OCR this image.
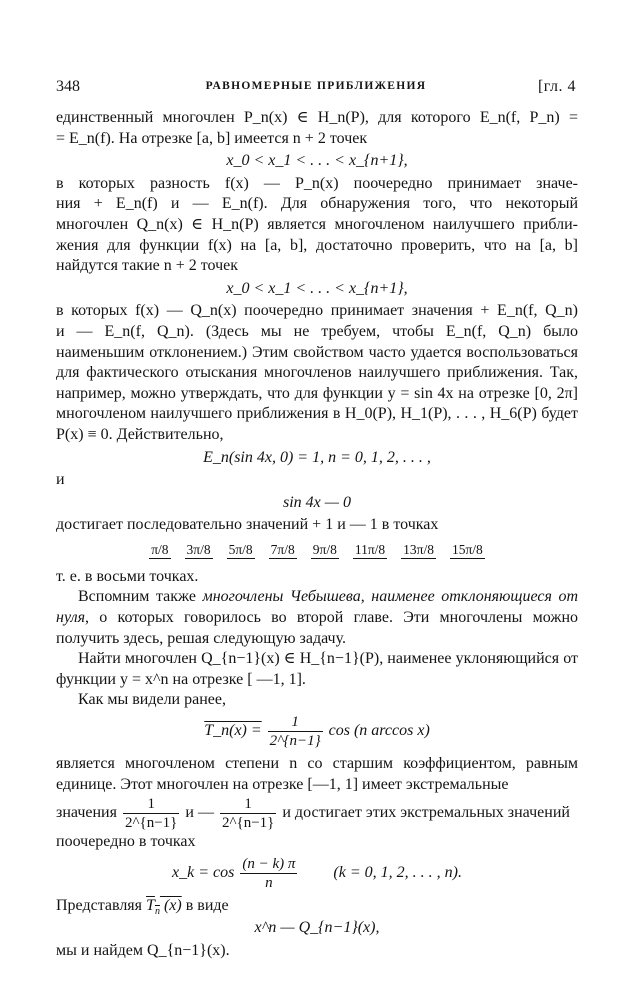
348	РАВНОМЕРНЫЕ ПРИБЛИЖЕНИЯ	[гл. 4

единственный многочлен P_n(x) ∈ H_n(P), для которого E_n(f, P_n) =
= E_n(f). На отрезке [a, b] имеется n + 2 точек

x_0 < x_1 < . . . < x_{n+1},

в которых разность f(x) — P_n(x) поочередно принимает значе-
ния + E_n(f) и — E_n(f). Для обнаружения того, что некоторый
многочлен Q_n(x) ∈ H_n(P) является многочленом наилучшего прибли-
жения для функции f(x) на [a, b], достаточно проверить, что на [a, b]
найдутся такие n + 2 точек

x_0 < x_1 < . . . < x_{n+1},

в которых f(x) — Q_n(x) поочередно принимает значения + E_n(f, Q_n)
и — E_n(f, Q_n). (Здесь мы не требуем, чтобы E_n(f, Q_n) было наименьшим отклонением.) Этим свойством часто удается воспользоваться для фактического отыскания многочленов наилучшего приближения. Так, например, можно утверждать, что для функции y = sin 4x на отрезке [0, 2π] многочленом наилучшего приближения в H_0(P), H_1(P), . . . , H_6(P) будет P(x) ≡ 0. Действительно,

E_n(sin 4x, 0) = 1, n = 0, 1, 2, . . . ,
и
sin 4x — 0

достигает последовательно значений + 1 и — 1 в точках

π/8 3π/8 5π/8 7π/8 9π/8 11π/8 13π/8 15π/8

т. е. в восьми точках.

Вспомним также многочлены Чебышева, наименее отклоняющиеся от нуля, о которых говорилось во второй главе. Эти многочлены можно получить здесь, решая следующую задачу.

Найти многочлен Q_{n−1}(x) ∈ H_{n−1}(P), наименее уклоняющийся от функции y = x^n на отрезке [ —1, 1].

Как мы видели ранее,

T_n(x) = $\frac{1}{2\^{}\{n-1\}}$ cos (n arccos x)

является многочленом степени n со старшим коэффициентом, равным единице. Этот многочлен на отрезке [—1, 1] имеет экстремальные
значения $\frac{1}{2\^{}\{n-1\}}$ и — $\frac{1}{2\^{}\{n-1\}}$ и достигает этих экстремальных значений
поочередно в точках

x_k = $\cos \frac{(n - k) \pi}{n} (k = 0$, 1, 2, . . . , n).

Представляя $T_n$ (x) в виде

x^n — Q_{n−1}(x),

мы и найдем Q_{n−1}(x).
